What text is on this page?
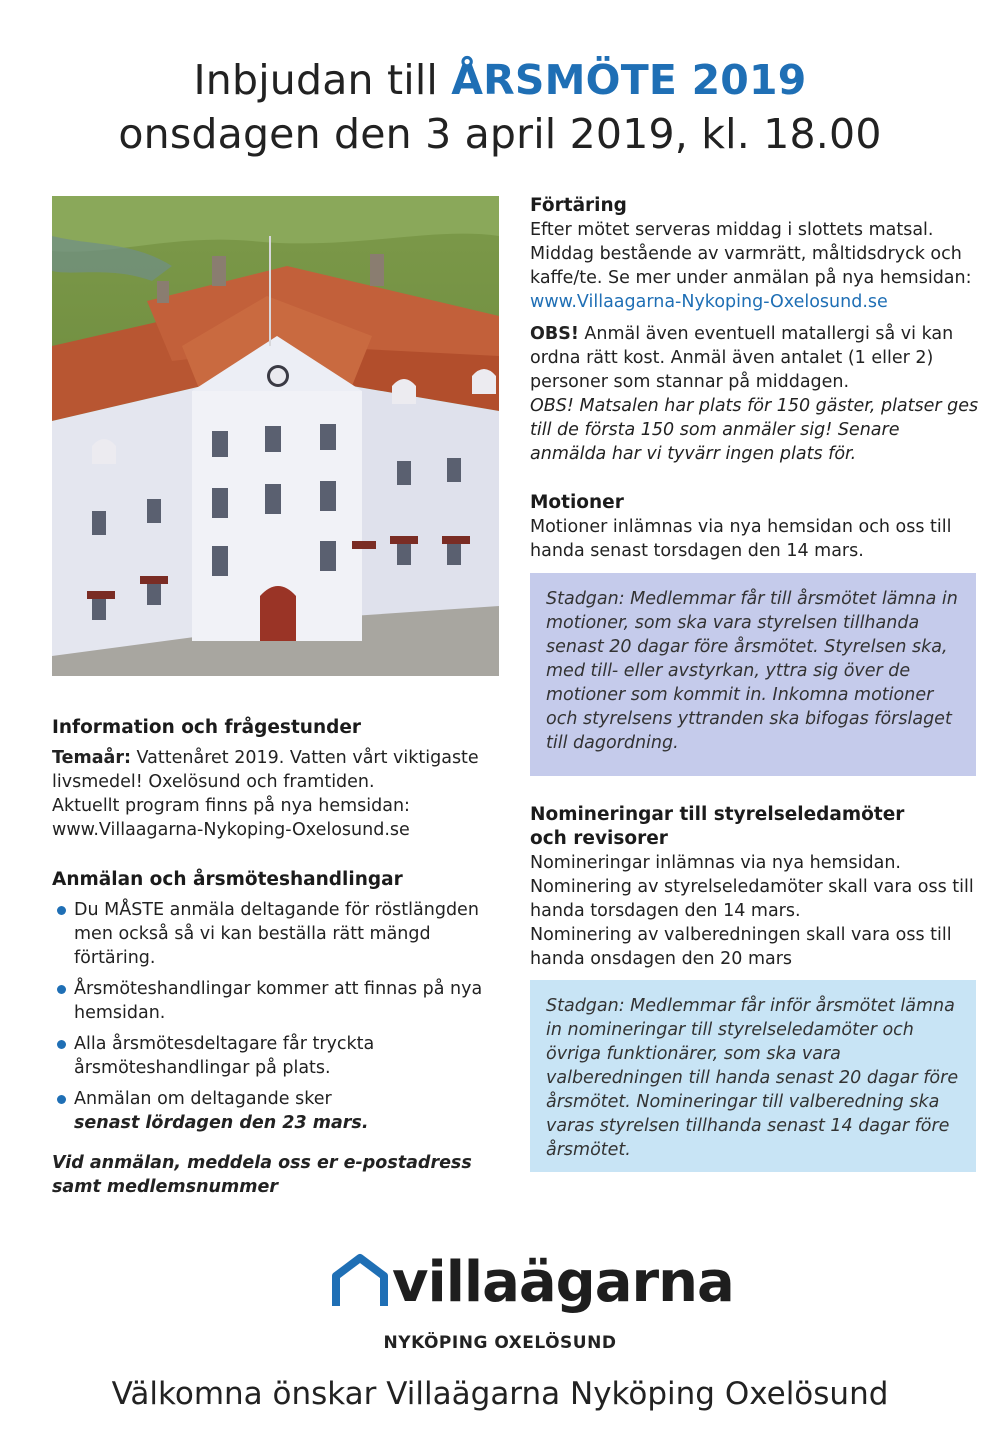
Inbjudan till ÅRSMÖTE 2019
onsdagen den 3 april 2019, kl. 18.00
Information och frågestunder

Temaår: Vattenåret 2019. Vatten vårt viktigaste livsmedel! Oxelösund och framtiden.

Aktuellt program finns på nya hemsidan:

www.Villaagarna-Nykoping-Oxelosund.se

Anmälan och årsmöteshandlingar
Du MÅSTE anmäla deltagande för röstlängden men också så vi kan beställa rätt mängd förtäring.
Årsmöteshandlingar kommer att finnas på nya hemsidan.
Alla årsmötesdeltagare får tryckta årsmöteshandlingar på plats.
Anmälan om deltagande sker
senast lördagen den 23 mars.

Vid anmälan, meddela oss er e-postadress samt medlemsnummer

Förtäring

Efter mötet serveras middag i slottets matsal. Middag bestående av varmrätt, måltidsdryck och kaffe/te. Se mer under anmälan på nya hemsidan: www.Villaagarna-Nykoping-Oxelosund.se

OBS! Anmäl även eventuell matallergi så vi kan ordna rätt kost. Anmäl även antalet (1 eller 2) personer som stannar på middagen.

OBS! Matsalen har plats för 150 gäster, platser ges till de första 150 som anmäler sig! Senare anmälda har vi tyvärr ingen plats för.

Motioner

Motioner inlämnas via nya hemsidan och oss till handa senast torsdagen den 14 mars.

Stadgan: Medlemmar får till årsmötet lämna in motioner, som ska vara styrelsen tillhanda senast 20 dagar före årsmötet. Styrelsen ska, med till- eller avstyrkan, yttra sig över de motioner som kommit in. Inkomna motioner och styrelsens yttranden ska bifogas förslaget till dagordning.
Nomineringar till styrelseledamöter och revisorer

Nomineringar inlämnas via nya hemsidan.

Nominering av styrelseledamöter skall vara oss till handa torsdagen den 14 mars.

Nominering av valberedningen skall vara oss till handa onsdagen den 20 mars

Stadgan: Medlemmar får inför årsmötet lämna in nomineringar till styrelseledamöter och övriga funktionärer, som ska vara valberedningen till handa senast 20 dagar före årsmötet. Nomineringar till valberedning ska varas styrelsen tillhanda senast 14 dagar före årsmötet.
villaägarna
NYKÖPING OXELÖSUND
Välkomna önskar Villaägarna Nyköping Oxelösund
